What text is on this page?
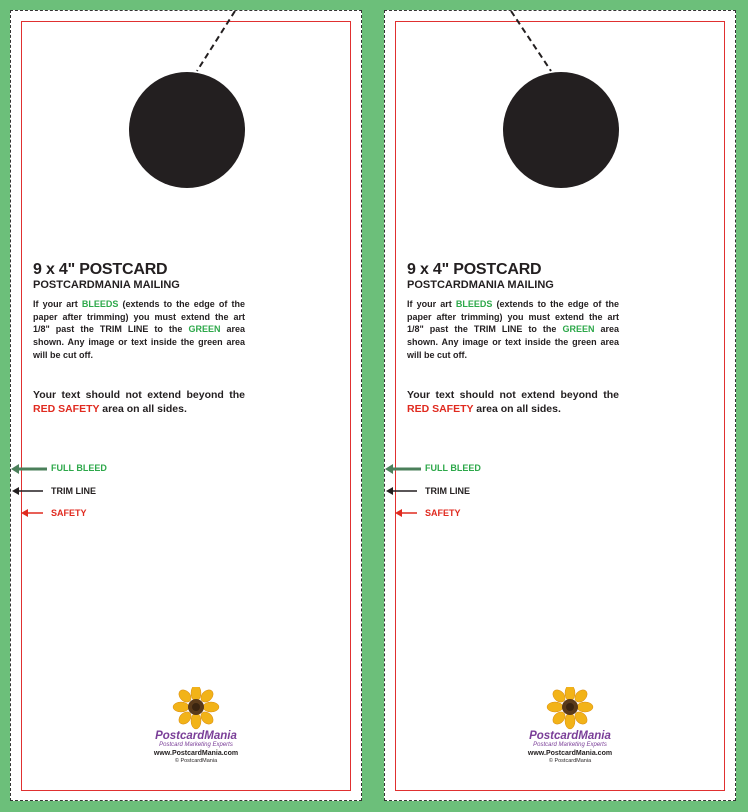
9 x 4" POSTCARD
POSTCARDMANIA MAILING
If your art BLEEDS (extends to the edge of the paper after trimming) you must extend the art 1/8" past the TRIM LINE to the GREEN area shown. Any image or text inside the green area will be cut off.
Your text should not extend beyond the RED SAFETY area on all sides.
FULL BLEED
TRIM LINE
SAFETY
PostcardMania
Postcard Marketing Experts
www.PostcardMania.com
© PostcardMania
9 x 4" POSTCARD
POSTCARDMANIA MAILING
If your art BLEEDS (extends to the edge of the paper after trimming) you must extend the art 1/8" past the TRIM LINE to the GREEN area shown. Any image or text inside the green area will be cut off.
Your text should not extend beyond the RED SAFETY area on all sides.
FULL BLEED
TRIM LINE
SAFETY
PostcardMania
Postcard Marketing Experts
www.PostcardMania.com
© PostcardMania
